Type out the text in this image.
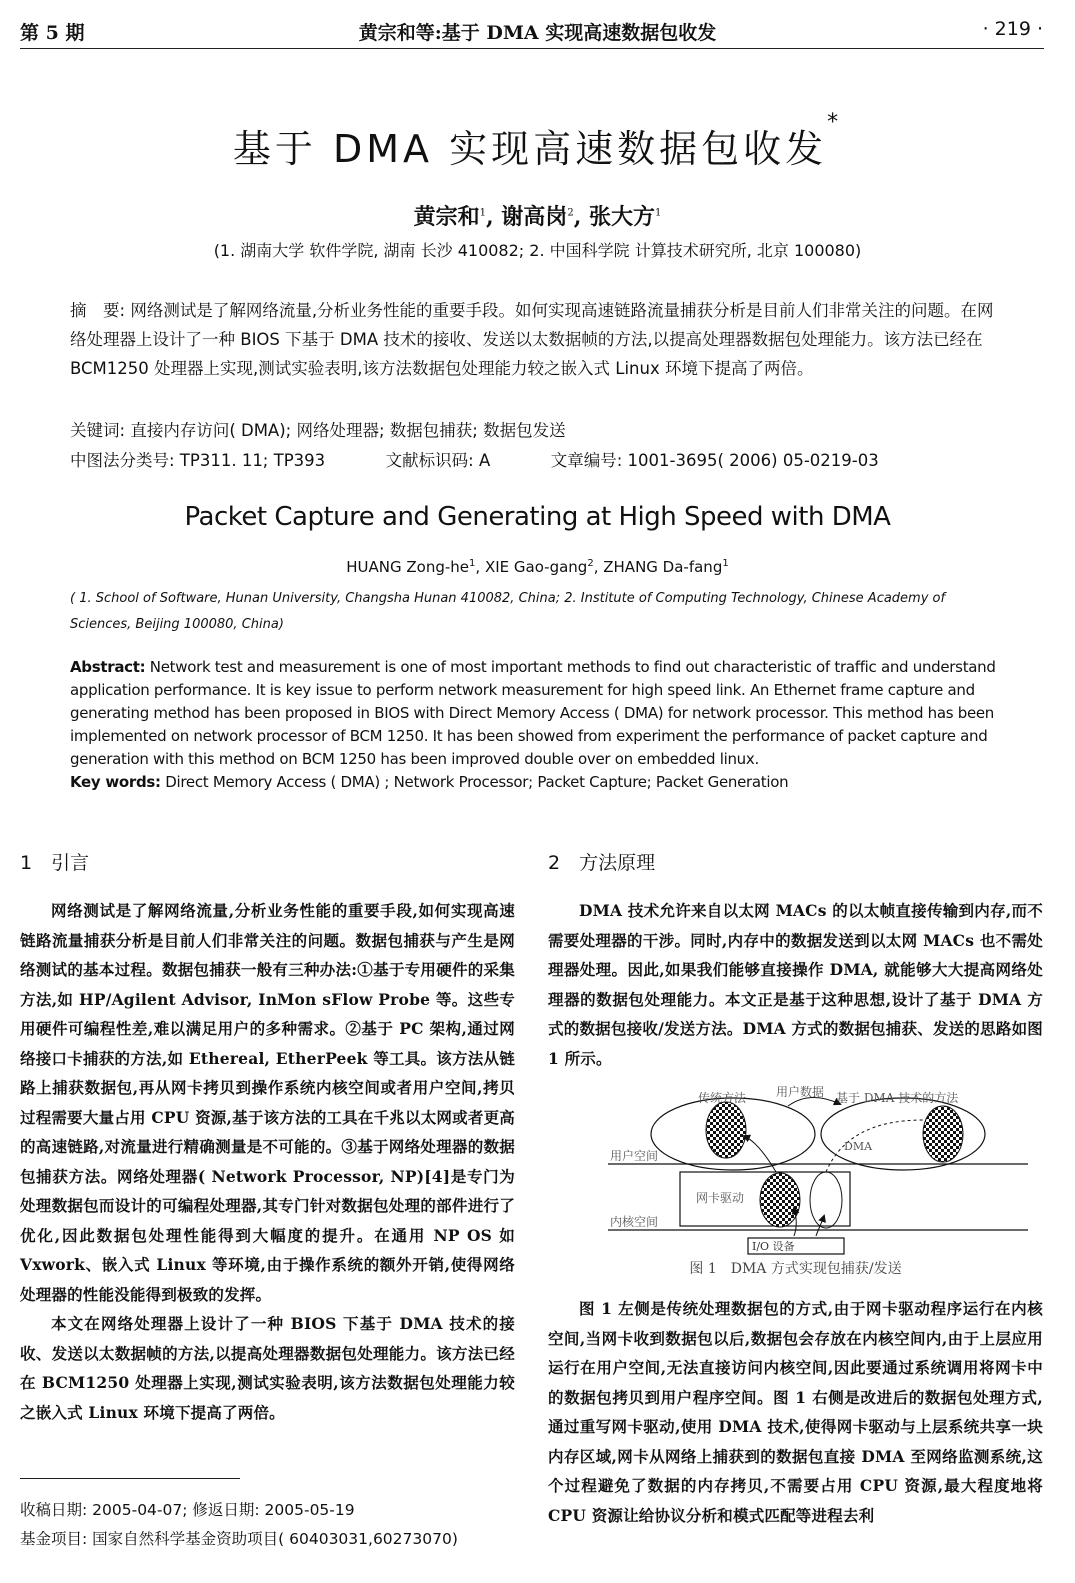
第 5 期	黄宗和等:基于 DMA 实现高速数据包收发	· 219 ·
基于 DMA 实现高速数据包收发*
黄宗和$^1$, 谢高岗$^2$, 张大方$^1$
(1. 湖南大学 软件学院, 湖南 长沙 410082; 2. 中国科学院 计算技术研究所, 北京 100080)
摘　要: 网络测试是了解网络流量,分析业务性能的重要手段。如何实现高速链路流量捕获分析是目前人们非常关注的问题。在网络处理器上设计了一种 BIOS 下基于 DMA 技术的接收、发送以太数据帧的方法,以提高处理器数据包处理能力。该方法已经在 BCM1250 处理器上实现,测试实验表明,该方法数据包处理能力较之嵌入式 Linux 环境下提高了两倍。
关键词: 直接内存访问( DMA); 网络处理器; 数据包捕获; 数据包发送
中图法分类号: TP311. 11; TP393	文献标识码: A	文章编号: 1001-3695( 2006) 05-0219-03
Packet Capture and Generating at High Speed with DMA
HUANG Zong-$he^1$, XIE Gao-gang$^2$, ZHANG Da-fang$^1$
( 1. School of Software, Hunan University, Changsha Hunan 410082, China; 2. Institute of Computing Technology, Chinese Academy of Sciences, Beijing 100080, China)
Abstract: Network test and measurement is one of most important methods to find out characteristic of traffic and understand application performance. It is key issue to perform network measurement for high speed link. An Ethernet frame capture and generating method has been proposed in BIOS with Direct Memory Access ( DMA) for network processor. This method has been implemented on network processor of BCM 1250. It has been showed from experiment the performance of packet capture and generation with this method on BCM 1250 has been improved double over on embedded linux.
Key words: Direct Memory Access ( DMA) ; Network Processor; Packet Capture; Packet Generation
1　引言

网络测试是了解网络流量,分析业务性能的重要手段,如何实现高速链路流量捕获分析是目前人们非常关注的问题。数据包捕获与产生是网络测试的基本过程。数据包捕获一般有三种办法:①基于专用硬件的采集方法,如 HP/Agilent Advisor, InMon sFlow Probe 等。这些专用硬件可编程性差,难以满足用户的多种需求。②基于 PC 架构,通过网络接口卡捕获的方法,如 Ethereal, EtherPeek 等工具。该方法从链路上捕获数据包,再从网卡拷贝到操作系统内核空间或者用户空间,拷贝过程需要大量占用 CPU 资源,基于该方法的工具在千兆以太网或者更高的高速链路,对流量进行精确测量是不可能的。③基于网络处理器的数据包捕获方法。网络处理器( Network Processor, NP)[4]是专门为处理数据包而设计的可编程处理器,其专门针对数据包处理的部件进行了优化,因此数据包处理性能得到大幅度的提升。在通用 NP OS 如 Vxwork、嵌入式 Linux 等环境,由于操作系统的额外开销,使得网络处理器的性能没能得到极致的发挥。

本文在网络处理器上设计了一种 BIOS 下基于 DMA 技术的接收、发送以太数据帧的方法,以提高处理器数据包处理能力。该方法已经在 BCM1250 处理器上实现,测试实验表明,该方法数据包处理能力较之嵌入式 Linux 环境下提高了两倍。

收稿日期: 2005-04-07; 修返日期: 2005-05-19
基金项目: 国家自然科学基金资助项目( 60403031,60273070)
2　方法原理

DMA 技术允许来自以太网 MACs 的以太帧直接传输到内存,而不需要处理器的干涉。同时,内存中的数据发送到以太网 MACs 也不需处理器处理。因此,如果我们能够直接操作 DMA, 就能够大大提高网络处理器的数据包处理能力。本文正是基于这种思想,设计了基于 DMA 方式的数据包接收/发送方法。DMA 方式的数据包捕获、发送的思路如图 1 所示。

传统方法 用户数据 基于 DMA 技术的方法
DMA
用户空间
网卡驱动
内核空间
I/O 设备
图 1　DMA 方式实现包捕获/发送

图 1 左侧是传统处理数据包的方式,由于网卡驱动程序运行在内核空间,当网卡收到数据包以后,数据包会存放在内核空间内,由于上层应用运行在用户空间,无法直接访问内核空间,因此要通过系统调用将网卡中的数据包拷贝到用户程序空间。图 1 右侧是改进后的数据包处理方式,通过重写网卡驱动,使用 DMA 技术,使得网卡驱动与上层系统共享一块内存区域,网卡从网络上捕获到的数据包直接 DMA 至网络监测系统,这个过程避免了数据的内存拷贝,不需要占用 CPU 资源,最大程度地将 CPU 资源让给协议分析和模式匹配等进程去利
